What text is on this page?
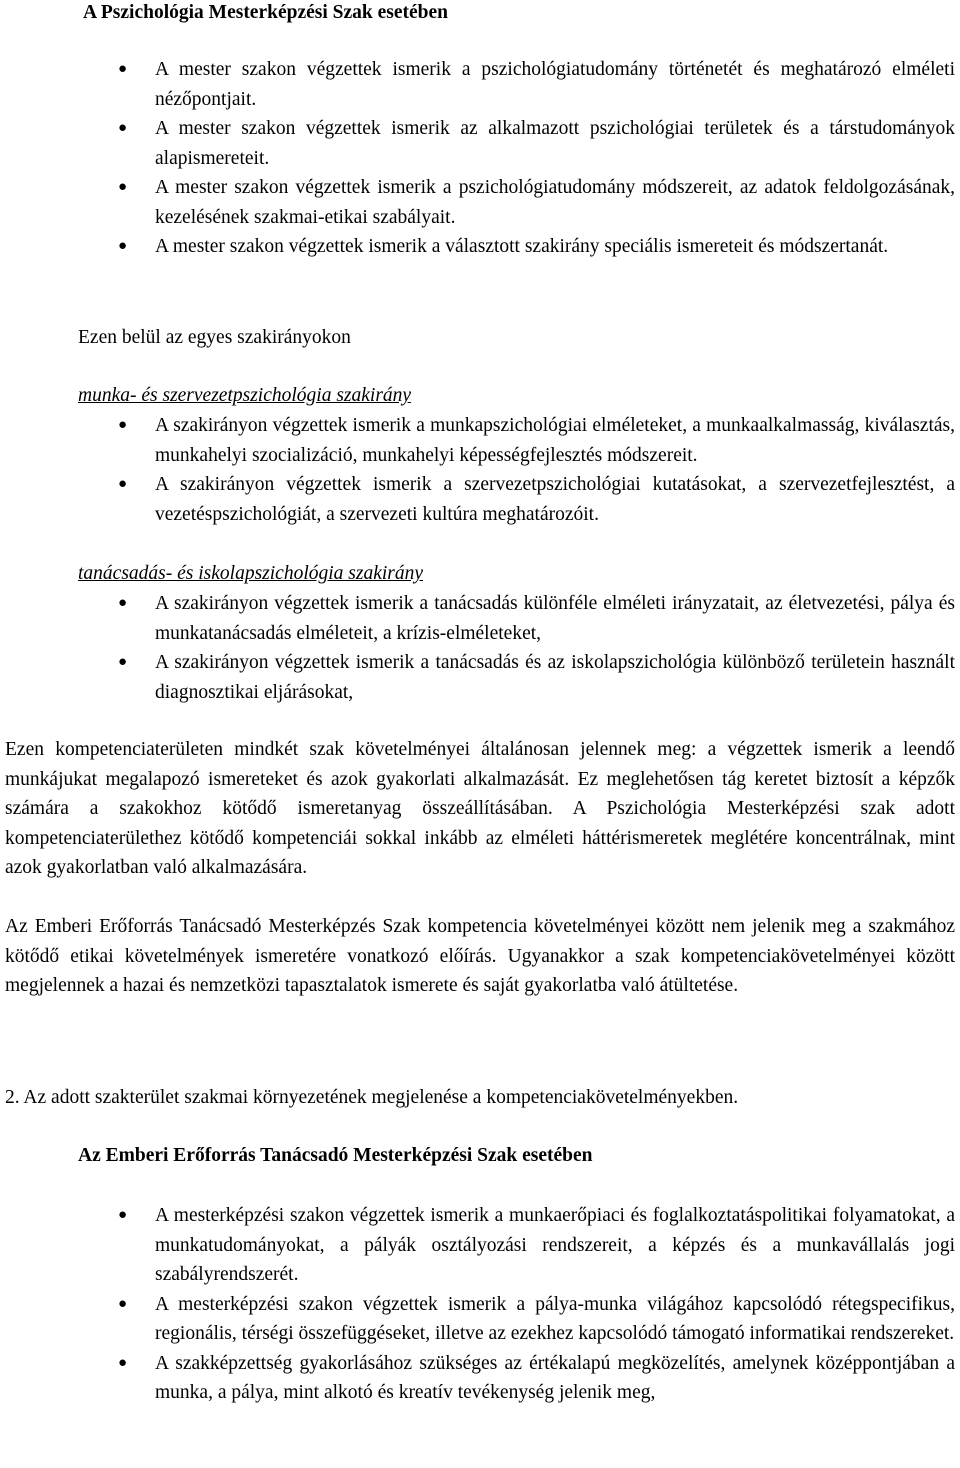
A Pszichológia Mesterképzési Szak esetében
● A mester szakon végzettek ismerik a pszichológiatudomány történetét és meghatározó elméleti nézőpontjait.
● A mester szakon végzettek ismerik az alkalmazott pszichológiai területek és a társtudományok alapismereteit.
● A mester szakon végzettek ismerik a pszichológiatudomány módszereit, az adatok feldolgozásának, kezelésének szakmai-etikai szabályait.
● A mester szakon végzettek ismerik a választott szakirány speciális ismereteit és módszertanát.
Ezen belül az egyes szakirányokon
munka- és szervezetpszichológia szakirány
● A szakirányon végzettek ismerik a munkapszichológiai elméleteket, a munkaalkalmasság, kiválasztás, munkahelyi szocializáció, munkahelyi képességfejlesztés módszereit.
● A szakirányon végzettek ismerik a szervezetpszichológiai kutatásokat, a szervezetfejlesztést, a vezetéspszichológiát, a szervezeti kultúra meghatározóit.
tanácsadás- és iskolapszichológia szakirány
● A szakirányon végzettek ismerik a tanácsadás különféle elméleti irányzatait, az életvezetési, pálya és munkatanácsadás elméleteit, a krízis-elméleteket,
● A szakirányon végzettek ismerik a tanácsadás és az iskolapszichológia különböző területein használt diagnosztikai eljárásokat,

Ezen kompetenciaterületen mindkét szak követelményei általánosan jelennek meg: a végzettek ismerik a leendő munkájukat megalapozó ismereteket és azok gyakorlati alkalmazását. Ez meglehetősen tág keretet biztosít a képzők számára a szakokhoz kötődő ismeretanyag összeállításában. A Pszichológia Mesterképzési szak adott kompetenciaterülethez kötődő kompetenciái sokkal inkább az elméleti háttérismeretek meglétére koncentrálnak, mint azok gyakorlatban való alkalmazására.

Az Emberi Erőforrás Tanácsadó Mesterképzés Szak kompetencia követelményei között nem jelenik meg a szakmához kötődő etikai követelmények ismeretére vonatkozó előírás. Ugyanakkor a szak kompetenciakövetelményei között megjelennek a hazai és nemzetközi tapasztalatok ismerete és saját gyakorlatba való átültetése.

2. Az adott szakterület szakmai környezetének megjelenése a kompetenciakövetelményekben.
Az Emberi Erőforrás Tanácsadó Mesterképzési Szak esetében
● A mesterképzési szakon végzettek ismerik a munkaerőpiaci és foglalkoztatáspolitikai folyamatokat, a munkatudományokat, a pályák osztályozási rendszereit, a képzés és a munkavállalás jogi szabályrendszerét.
● A mesterképzési szakon végzettek ismerik a pálya-munka világához kapcsolódó rétegspecifikus, regionális, térségi összefüggéseket, illetve az ezekhez kapcsolódó támogató informatikai rendszereket.
● A szakképzettség gyakorlásához szükséges az értékalapú megközelítés, amelynek középpontjában a munka, a pálya, mint alkotó és kreatív tevékenység jelenik meg,
